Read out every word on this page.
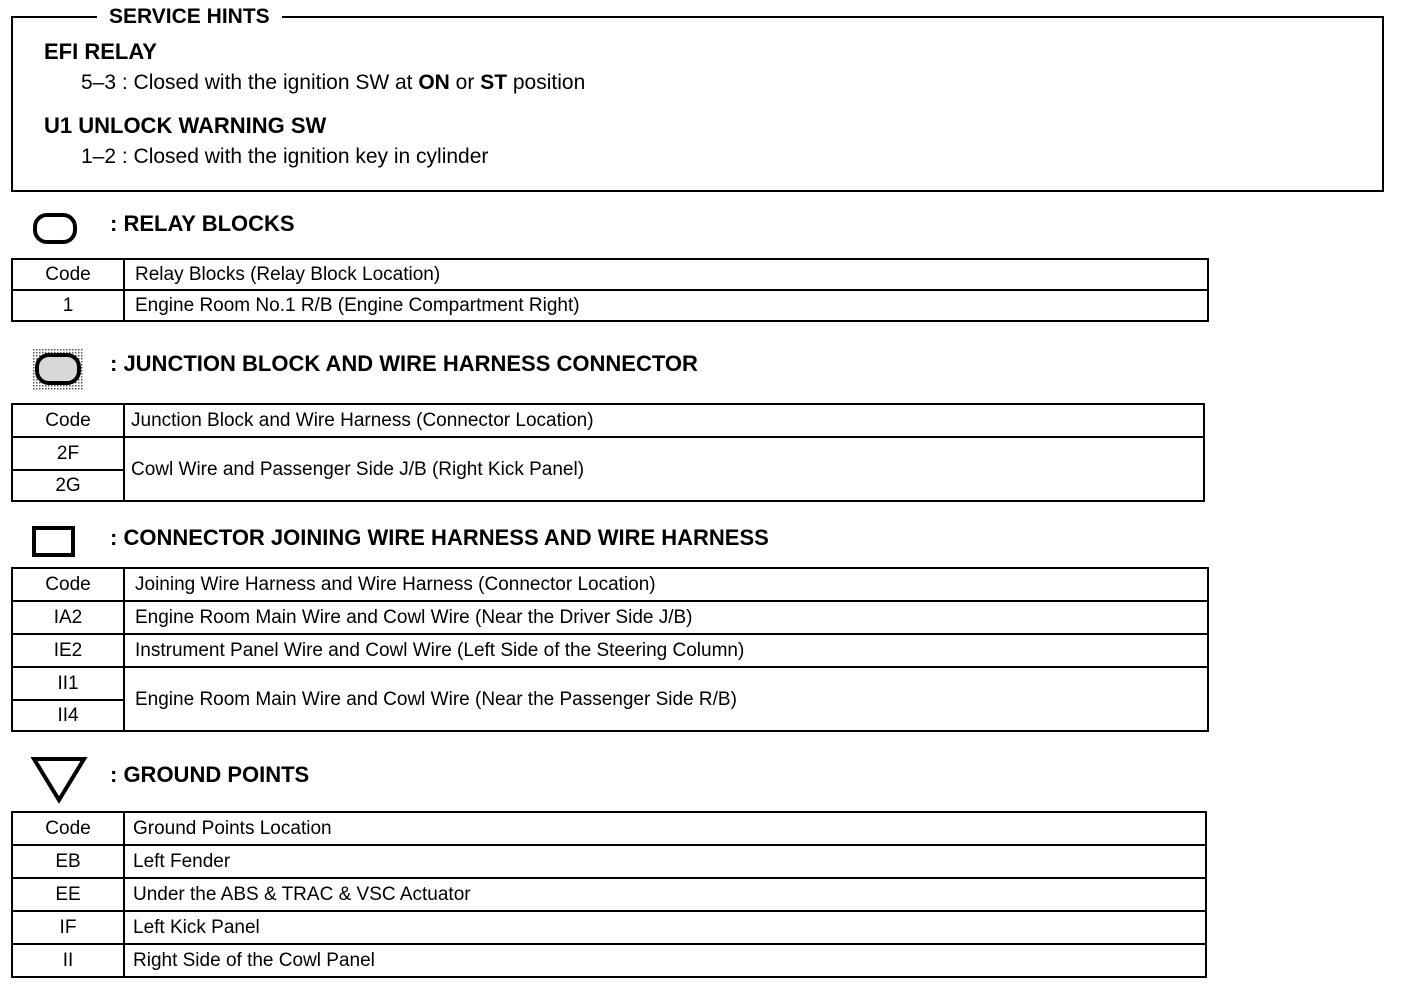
SERVICE HINTS
EFI RELAY
5–3 : Closed with the ignition SW at ON or ST position
U1 UNLOCK WARNING SW
1–2 : Closed with the ignition key in cylinder
: RELAY BLOCKS
Code	Relay Blocks (Relay Block Location)
1	Engine Room No.1 R/B (Engine Compartment Right)
: JUNCTION BLOCK AND WIRE HARNESS CONNECTOR
Code	Junction Block and Wire Harness (Connector Location)
2F	Cowl Wire and Passenger Side J/B (Right Kick Panel)
2G	
: CONNECTOR JOINING WIRE HARNESS AND WIRE HARNESS
Code	Joining Wire Harness and Wire Harness (Connector Location)
IA2	Engine Room Main Wire and Cowl Wire (Near the Driver Side J/B)
IE2	Instrument Panel Wire and Cowl Wire (Left Side of the Steering Column)
II1	Engine Room Main Wire and Cowl Wire (Near the Passenger Side R/B)
II4	
: GROUND POINTS
Code	Ground Points Location
EB	Left Fender
EE	Under the ABS & TRAC & VSC Actuator
IF	Left Kick Panel
II	Right Side of the Cowl Panel
